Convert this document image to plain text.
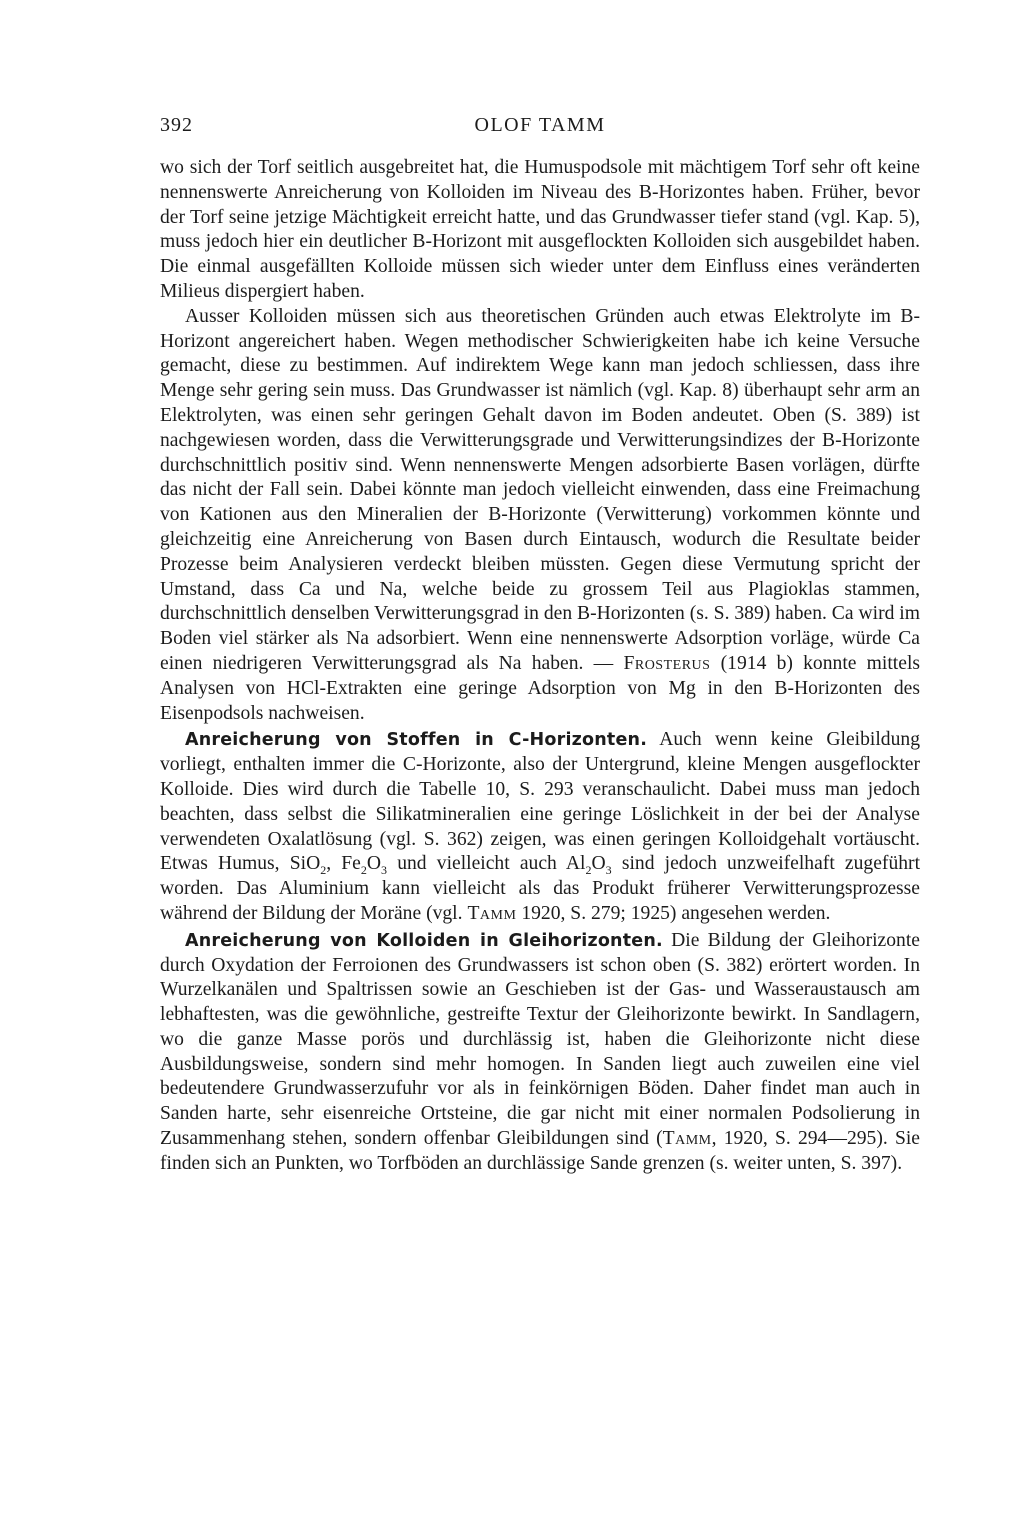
392	OLOF TAMM

wo sich der Torf seitlich ausgebreitet hat, die Humuspodsole mit mächtigem Torf sehr oft keine nennenswerte Anreicherung von Kolloiden im Niveau des B-Horizontes haben. Früher, bevor der Torf seine jetzige Mächtigkeit erreicht hatte, und das Grundwasser tiefer stand (vgl. Kap. 5), muss jedoch hier ein deutlicher B-Horizont mit ausgeflockten Kolloiden sich ausgebildet haben. Die einmal ausgefällten Kolloide müssen sich wieder unter dem Einfluss eines veränderten Milieus dispergiert haben.

Ausser Kolloiden müssen sich aus theoretischen Gründen auch etwas Elektrolyte im B-Horizont angereichert haben. Wegen methodischer Schwierigkeiten habe ich keine Versuche gemacht, diese zu bestimmen. Auf indirektem Wege kann man jedoch schliessen, dass ihre Menge sehr gering sein muss. Das Grundwasser ist nämlich (vgl. Kap. 8) überhaupt sehr arm an Elektrolyten, was einen sehr geringen Gehalt davon im Boden andeutet. Oben (S. 389) ist nachgewiesen worden, dass die Verwitterungsgrade und Verwitterungsindizes der B-Horizonte durchschnittlich positiv sind. Wenn nennenswerte Mengen adsorbierte Basen vorlägen, dürfte das nicht der Fall sein. Dabei könnte man jedoch vielleicht einwenden, dass eine Freimachung von Kationen aus den Mineralien der B-Horizonte (Verwitterung) vorkommen könnte und gleichzeitig eine Anreicherung von Basen durch Eintausch, wodurch die Resultate beider Prozesse beim Analysieren verdeckt bleiben müssten. Gegen diese Vermutung spricht der Umstand, dass Ca und Na, welche beide zu grossem Teil aus Plagioklas stammen, durchschnittlich denselben Verwitterungsgrad in den B-Horizonten (s. S. 389) haben. Ca wird im Boden viel stärker als Na adsorbiert. Wenn eine nennenswerte Adsorption vorläge, würde Ca einen niedrigeren Verwitterungsgrad als Na haben. — Frosterus (1914 b) konnte mittels Analysen von HCl-Extrakten eine geringe Adsorption von Mg in den B-Horizonten des Eisenpodsols nachweisen.

Anreicherung von Stoffen in C-Horizonten. Auch wenn keine Gleibildung vorliegt, enthalten immer die C-Horizonte, also der Untergrund, kleine Mengen ausgeflockter Kolloide. Dies wird durch die Tabelle 10, S. 293 veranschaulicht. Dabei muss man jedoch beachten, dass selbst die Silikatmineralien eine geringe Löslichkeit in der bei der Analyse verwendeten Oxalatlösung (vgl. S. 362) zeigen, was einen geringen Kolloidgehalt vortäuscht. Etwas Humus, SiO$_2$, $Fe_2O_3$ und vielleicht auch $Al_2O_3$ sind jedoch unzweifelhaft zugeführt worden. Das Aluminium kann vielleicht als das Produkt früherer Verwitterungsprozesse während der Bildung der Moräne (vgl. Tamm 1920, S. 279; 1925) angesehen werden.

Anreicherung von Kolloiden in Gleihorizonten. Die Bildung der Gleihorizonte durch Oxydation der Ferroionen des Grundwassers ist schon oben (S. 382) erörtert worden. In Wurzelkanälen und Spaltrissen sowie an Geschieben ist der Gas- und Wasseraustausch am lebhaftesten, was die gewöhnliche, gestreifte Textur der Gleihorizonte bewirkt. In Sandlagern, wo die ganze Masse porös und durchlässig ist, haben die Gleihorizonte nicht diese Ausbildungsweise, sondern sind mehr homogen. In Sanden liegt auch zuweilen eine viel bedeutendere Grundwasserzufuhr vor als in feinkörnigen Böden. Daher findet man auch in Sanden harte, sehr eisenreiche Ortsteine, die gar nicht mit einer normalen Podsolierung in Zusammenhang stehen, sondern offenbar Gleibildungen sind (Tamm, 1920, S. 294—295). Sie finden sich an Punkten, wo Torfböden an durchlässige Sande grenzen (s. weiter unten, S. 397).
